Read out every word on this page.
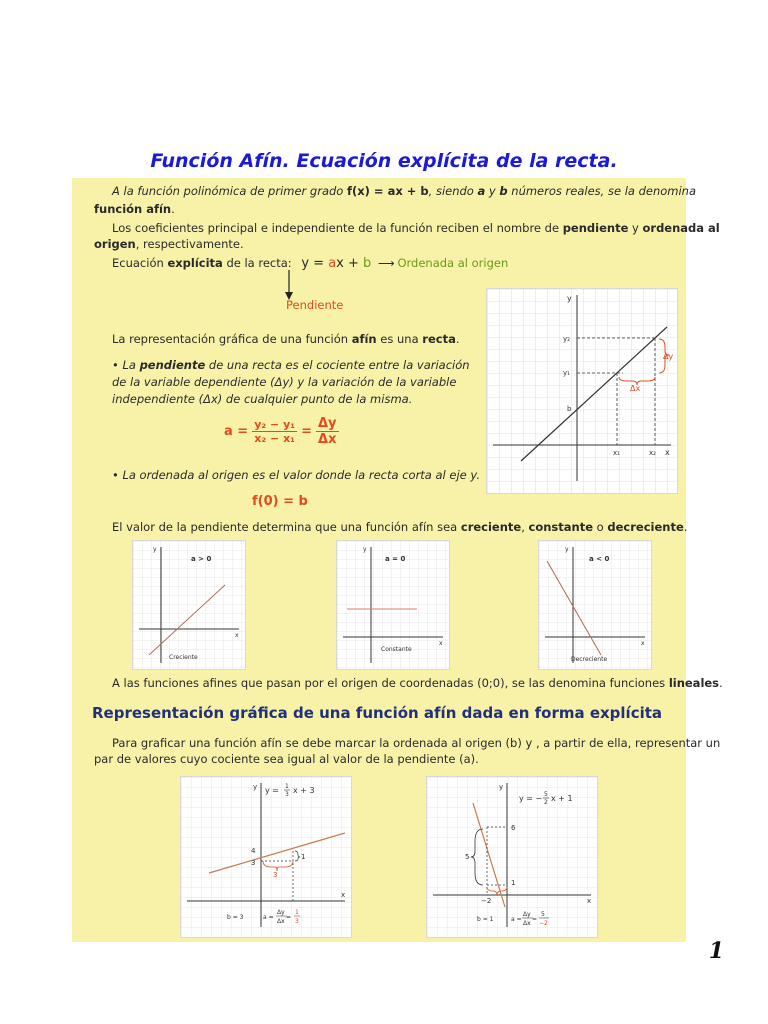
Función Afín. Ecuación explícita de la recta.
A la función polinómica de primer grado f(x) = ax + b, siendo a y b números reales, se la denomina
función afín.
Los coeficientes principal e independiente de la función reciben el nombre de pendiente y ordenada al
origen, respectivamente.
Ecuación explícita de la recta: y = ax + b ⟶ Ordenada al origen
Pendiente
La representación gráfica de una función afín es una recta.
• La pendiente de una recta es el cociente entre la variación
de la variable dependiente (Δy) y la variación de la variable
independiente (Δx) de cualquier punto de la misma.
$a = \frac{\text{y₂ − y₁}}{\text{x₂ − x₁}} = \frac{\Delta y}{\Delta x}$
• La ordenada al origen es el valor donde la recta corta al eje y.
f(0) = b
y
x
y₂
y₁
b
x₁	x₂
Δy
Δx
El valor de la pendiente determina que una función afín sea creciente, constante o decreciente.
y
x
a > 0
Creciente
y
x
a = 0
Constante
y
x
a < 0
Decreciente
A las funciones afines que pasan por el origen de coordenadas (0;0), se las denomina funciones lineales.
Representación gráfica de una función afín dada en forma explícita
Para graficar una función afín se debe marcar la ordenada al origen (b) y , a partir de ella, representar un
par de valores cuyo cociente sea igual al valor de la pendiente (a).
y
x
4
3
3
1
y = 1
3 x + 3
b = 3	a =
Δy
Δx
=
1
3
y
x
6
5
1
−2
y = − 5
2 x + 1
b = 1	a =
Δy
Δx
=
5
−2
1
